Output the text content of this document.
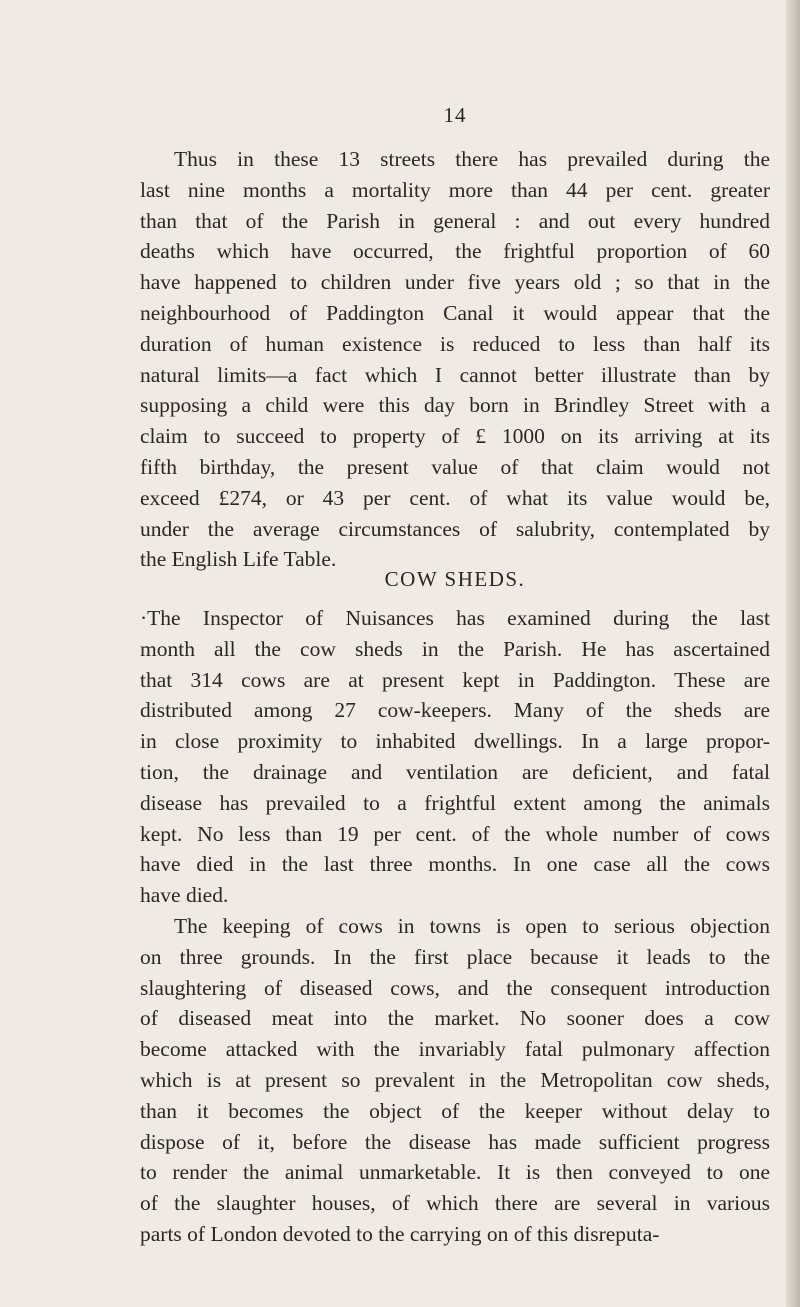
14
Thus in these 13 streets there has prevailed during the
last nine months a mortality more than 44 per cent. greater
than that of the Parish in general : and out every hundred
deaths which have occurred, the frightful proportion of 60
have happened to children under five years old ; so that in the
neighbourhood of Paddington Canal it would appear that the
duration of human existence is reduced to less than half its
natural limits—a fact which I cannot better illustrate than by
supposing a child were this day born in Brindley Street with a
claim to succeed to property of £ 1000 on its arriving at its
fifth birthday, the present value of that claim would not
exceed £274, or 43 per cent. of what its value would be,
under the average circumstances of salubrity, contemplated by
the English Life Table.
COW SHEDS.
·The Inspector of Nuisances has examined during the last
month all the cow sheds in the Parish. He has ascertained
that 314 cows are at present kept in Paddington. These are
distributed among 27 cow-keepers. Many of the sheds are
in close proximity to inhabited dwellings. In a large propor-
tion, the drainage and ventilation are deficient, and fatal
disease has prevailed to a frightful extent among the animals
kept. No less than 19 per cent. of the whole number of cows
have died in the last three months. In one case all the cows
have died.
The keeping of cows in towns is open to serious objection
on three grounds. In the first place because it leads to the
slaughtering of diseased cows, and the consequent introduction
of diseased meat into the market. No sooner does a cow
become attacked with the invariably fatal pulmonary affection
which is at present so prevalent in the Metropolitan cow sheds,
than it becomes the object of the keeper without delay to
dispose of it, before the disease has made sufficient progress
to render the animal unmarketable. It is then conveyed to one
of the slaughter houses, of which there are several in various
parts of London devoted to the carrying on of this disreputa-
